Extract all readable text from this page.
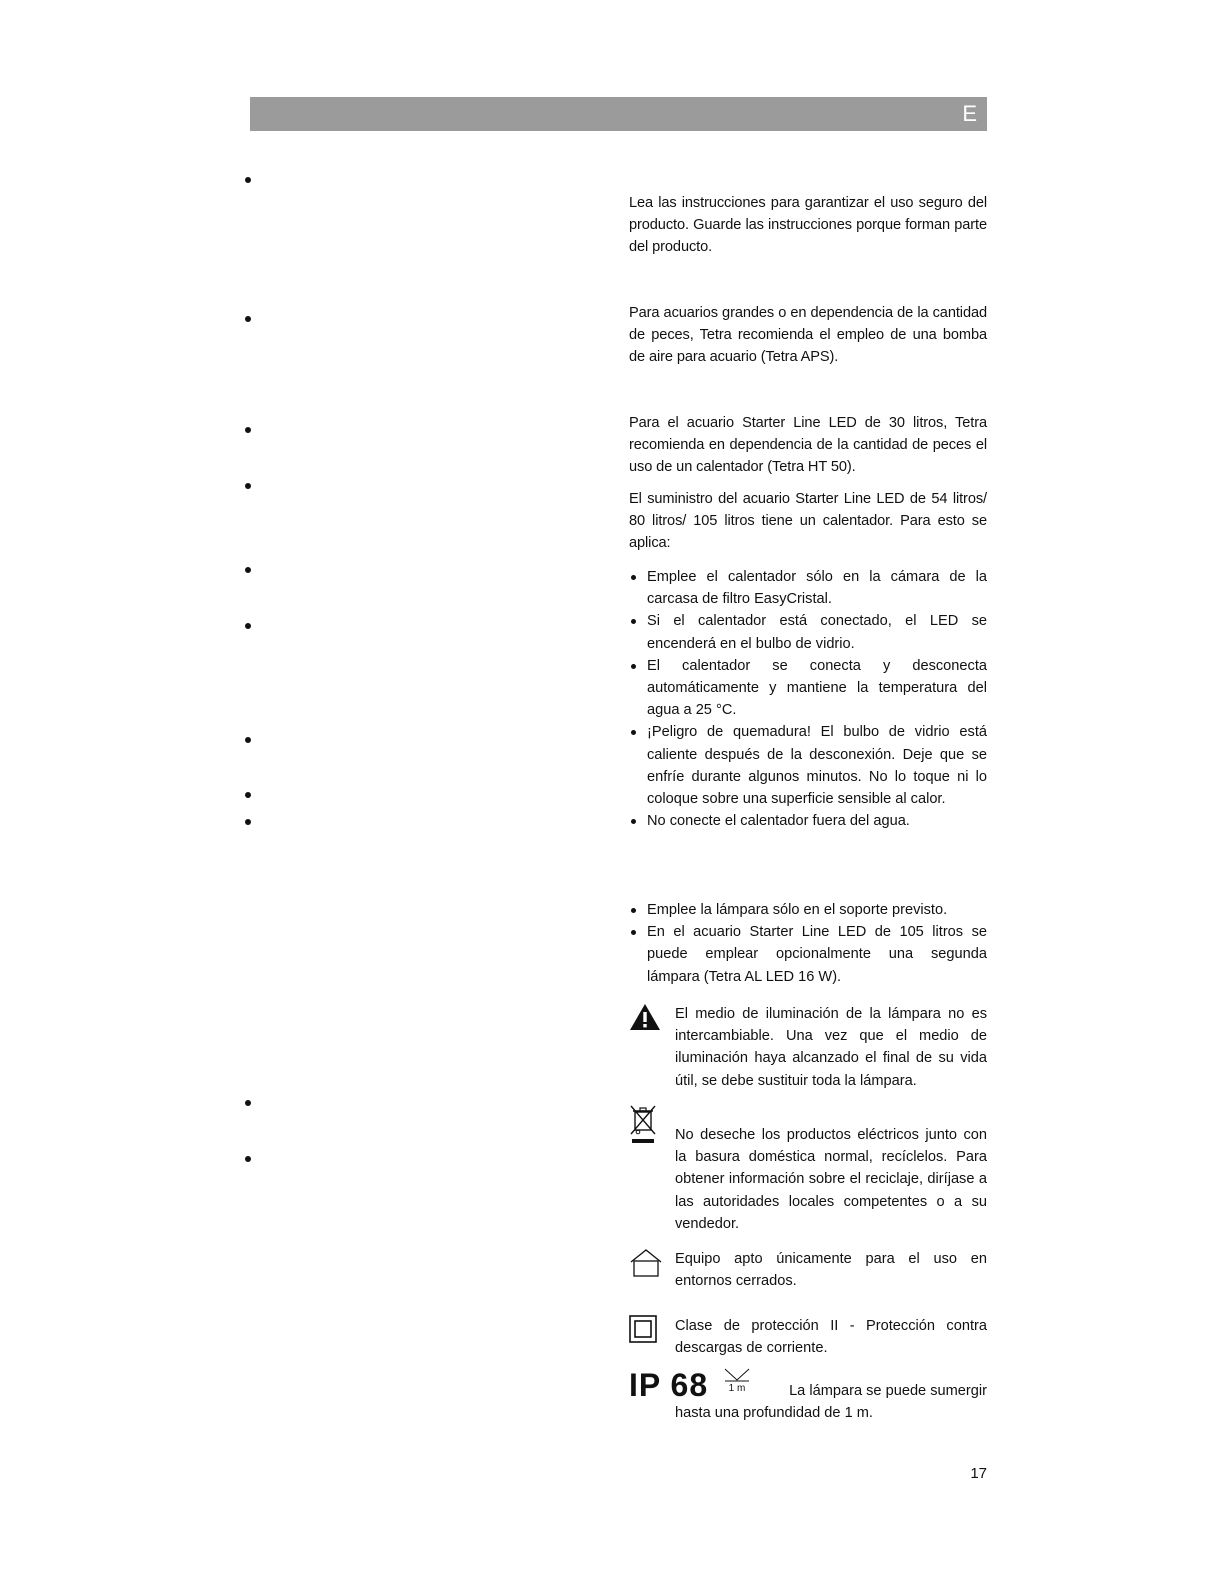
E

Lea las instrucciones para garantizar el uso seguro del producto. Guarde las instrucciones porque forman parte del producto.

Para acuarios grandes o en dependencia de la cantidad de peces, Tetra recomienda el empleo de una bomba de aire para acuario (Tetra APS).

Para el acuario Starter Line LED de 30 litros, Tetra recomienda en dependencia de la cantidad de peces el uso de un calentador (Tetra HT 50).

El suministro del acuario Starter Line LED de 54 litros/ 80 litros/ 105 litros tiene un calentador. Para esto se aplica:

Emplee el calentador sólo en la cámara de la carcasa de filtro EasyCristal.
Si el calentador está conectado, el LED se encenderá en el bulbo de vidrio.
El calentador se conecta y desconecta automáticamente y mantiene la temperatura del agua a 25 °C.
¡Peligro de quemadura! El bulbo de vidrio está caliente después de la desconexión. Deje que se enfríe durante algunos minutos. No lo toque ni lo coloque sobre una superficie sensible al calor.
No conecte el calentador fuera del agua.
Emplee la lámpara sólo en el soporte previsto.
En el acuario Starter Line LED de 105 litros se puede emplear opcionalmente una segunda lámpara (Tetra AL LED 16 W).

El medio de iluminación de la lámpara no es intercambiable. Una vez que el medio de iluminación haya alcanzado el final de su vida útil, se debe sustituir toda la lámpara.

No deseche los productos eléctricos junto con la basura doméstica normal, recíclelos. Para obtener información sobre el reciclaje, diríjase a las autoridades locales competentes o a su vendedor.

Equipo apto únicamente para el uso en entornos cerrados.

Clase de protección II - Protección contra descargas de corriente.

IP 68	1 m	La lámpara se puede sumergir

hasta una profundidad de 1 m.

17
